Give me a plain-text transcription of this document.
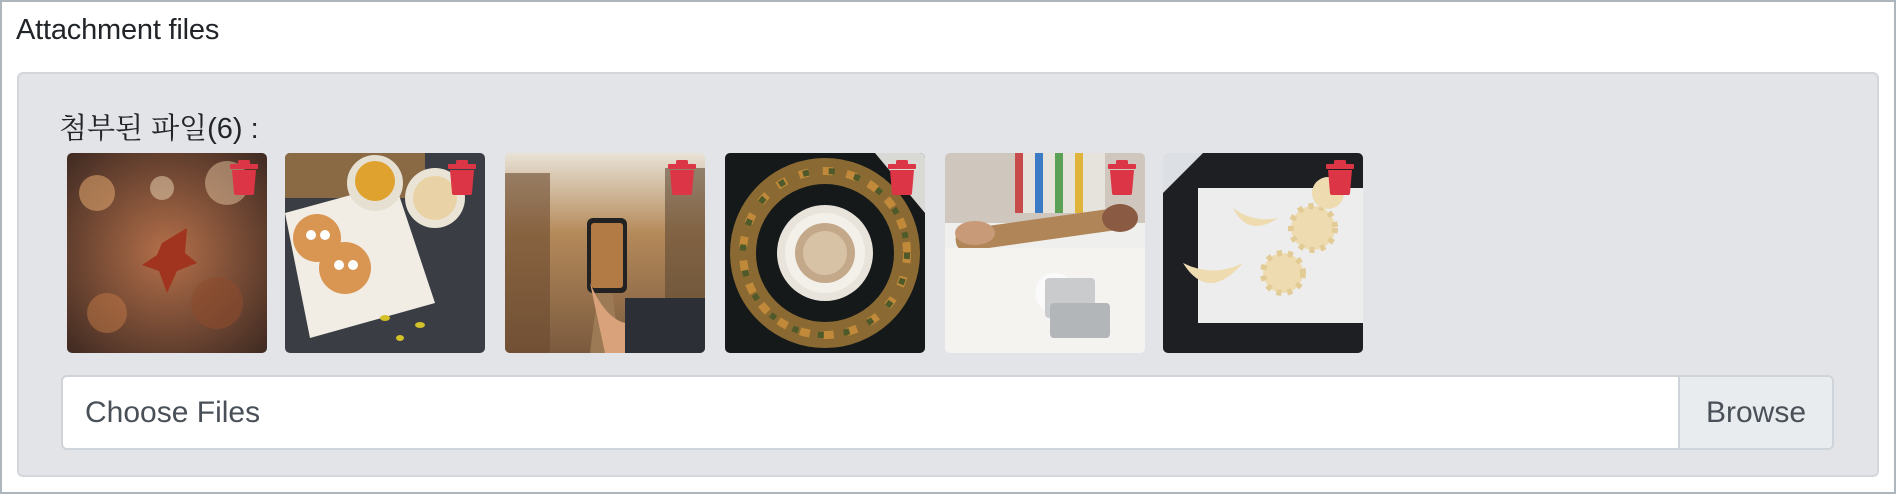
Attachment files
첨부된 파일(6) :
Choose Files	Browse
